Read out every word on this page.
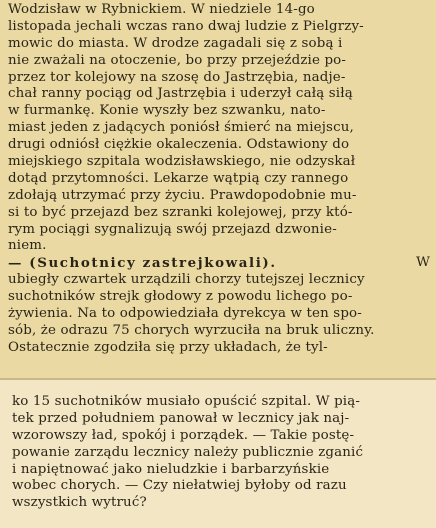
Wodzisław w Rybnickiem. W niedziele 14-go
listopada jechali wczas rano dwaj ludzie z Pielgrzy-
mowic do miasta. W drodze zagadali się z sobą i
nie zważali na otoczenie, bo przy przejeździe po-
przez tor kolejowy na szosę do Jastrzębia, nadje-
chał ranny pociąg od Jastrzębia i uderzył całą siłą
w furmankę. Konie wyszły bez szwanku, nato-
miast jeden z jadących poniósł śmierć na miejscu,
drugi odniósł ciężkie okaleczenia. Odstawiony do
miejskiego szpitala wodzisławskiego, nie odzyskał
dotąd przytomności. Lekarze wątpią czy rannego
zdołają utrzymać przy życiu. Prawdopodobnie mu-
si to być przejazd bez szranki kolejowej, przy któ-
rym pociągi sygnalizują swój przejazd dzwonie-
niem.
— (Suchotnicy zastrejkowali).	W
ubiegły czwartek urządzili chorzy tutejszej lecznicy
suchotników strejk głodowy z powodu lichego po-
żywienia. Na to odpowiedziała dyrekcya w ten spo-
sób, że odrazu 75 chorych wyrzuciła na bruk uliczny.
Ostatecznie zgodziła się przy układach, że tyl-
ko 15 suchotników musiało opuścić szpital. W pią-
tek przed południem panował w lecznicy jak naj-
wzorowszy ład, spokój i porządek. — Takie postę-
powanie zarządu lecznicy należy publicznie zganić
i napiętnować jako nieludzkie i barbarzyńskie
wobec chorych. — Czy niełatwiej byłoby od razu
wszystkich wytruć?
